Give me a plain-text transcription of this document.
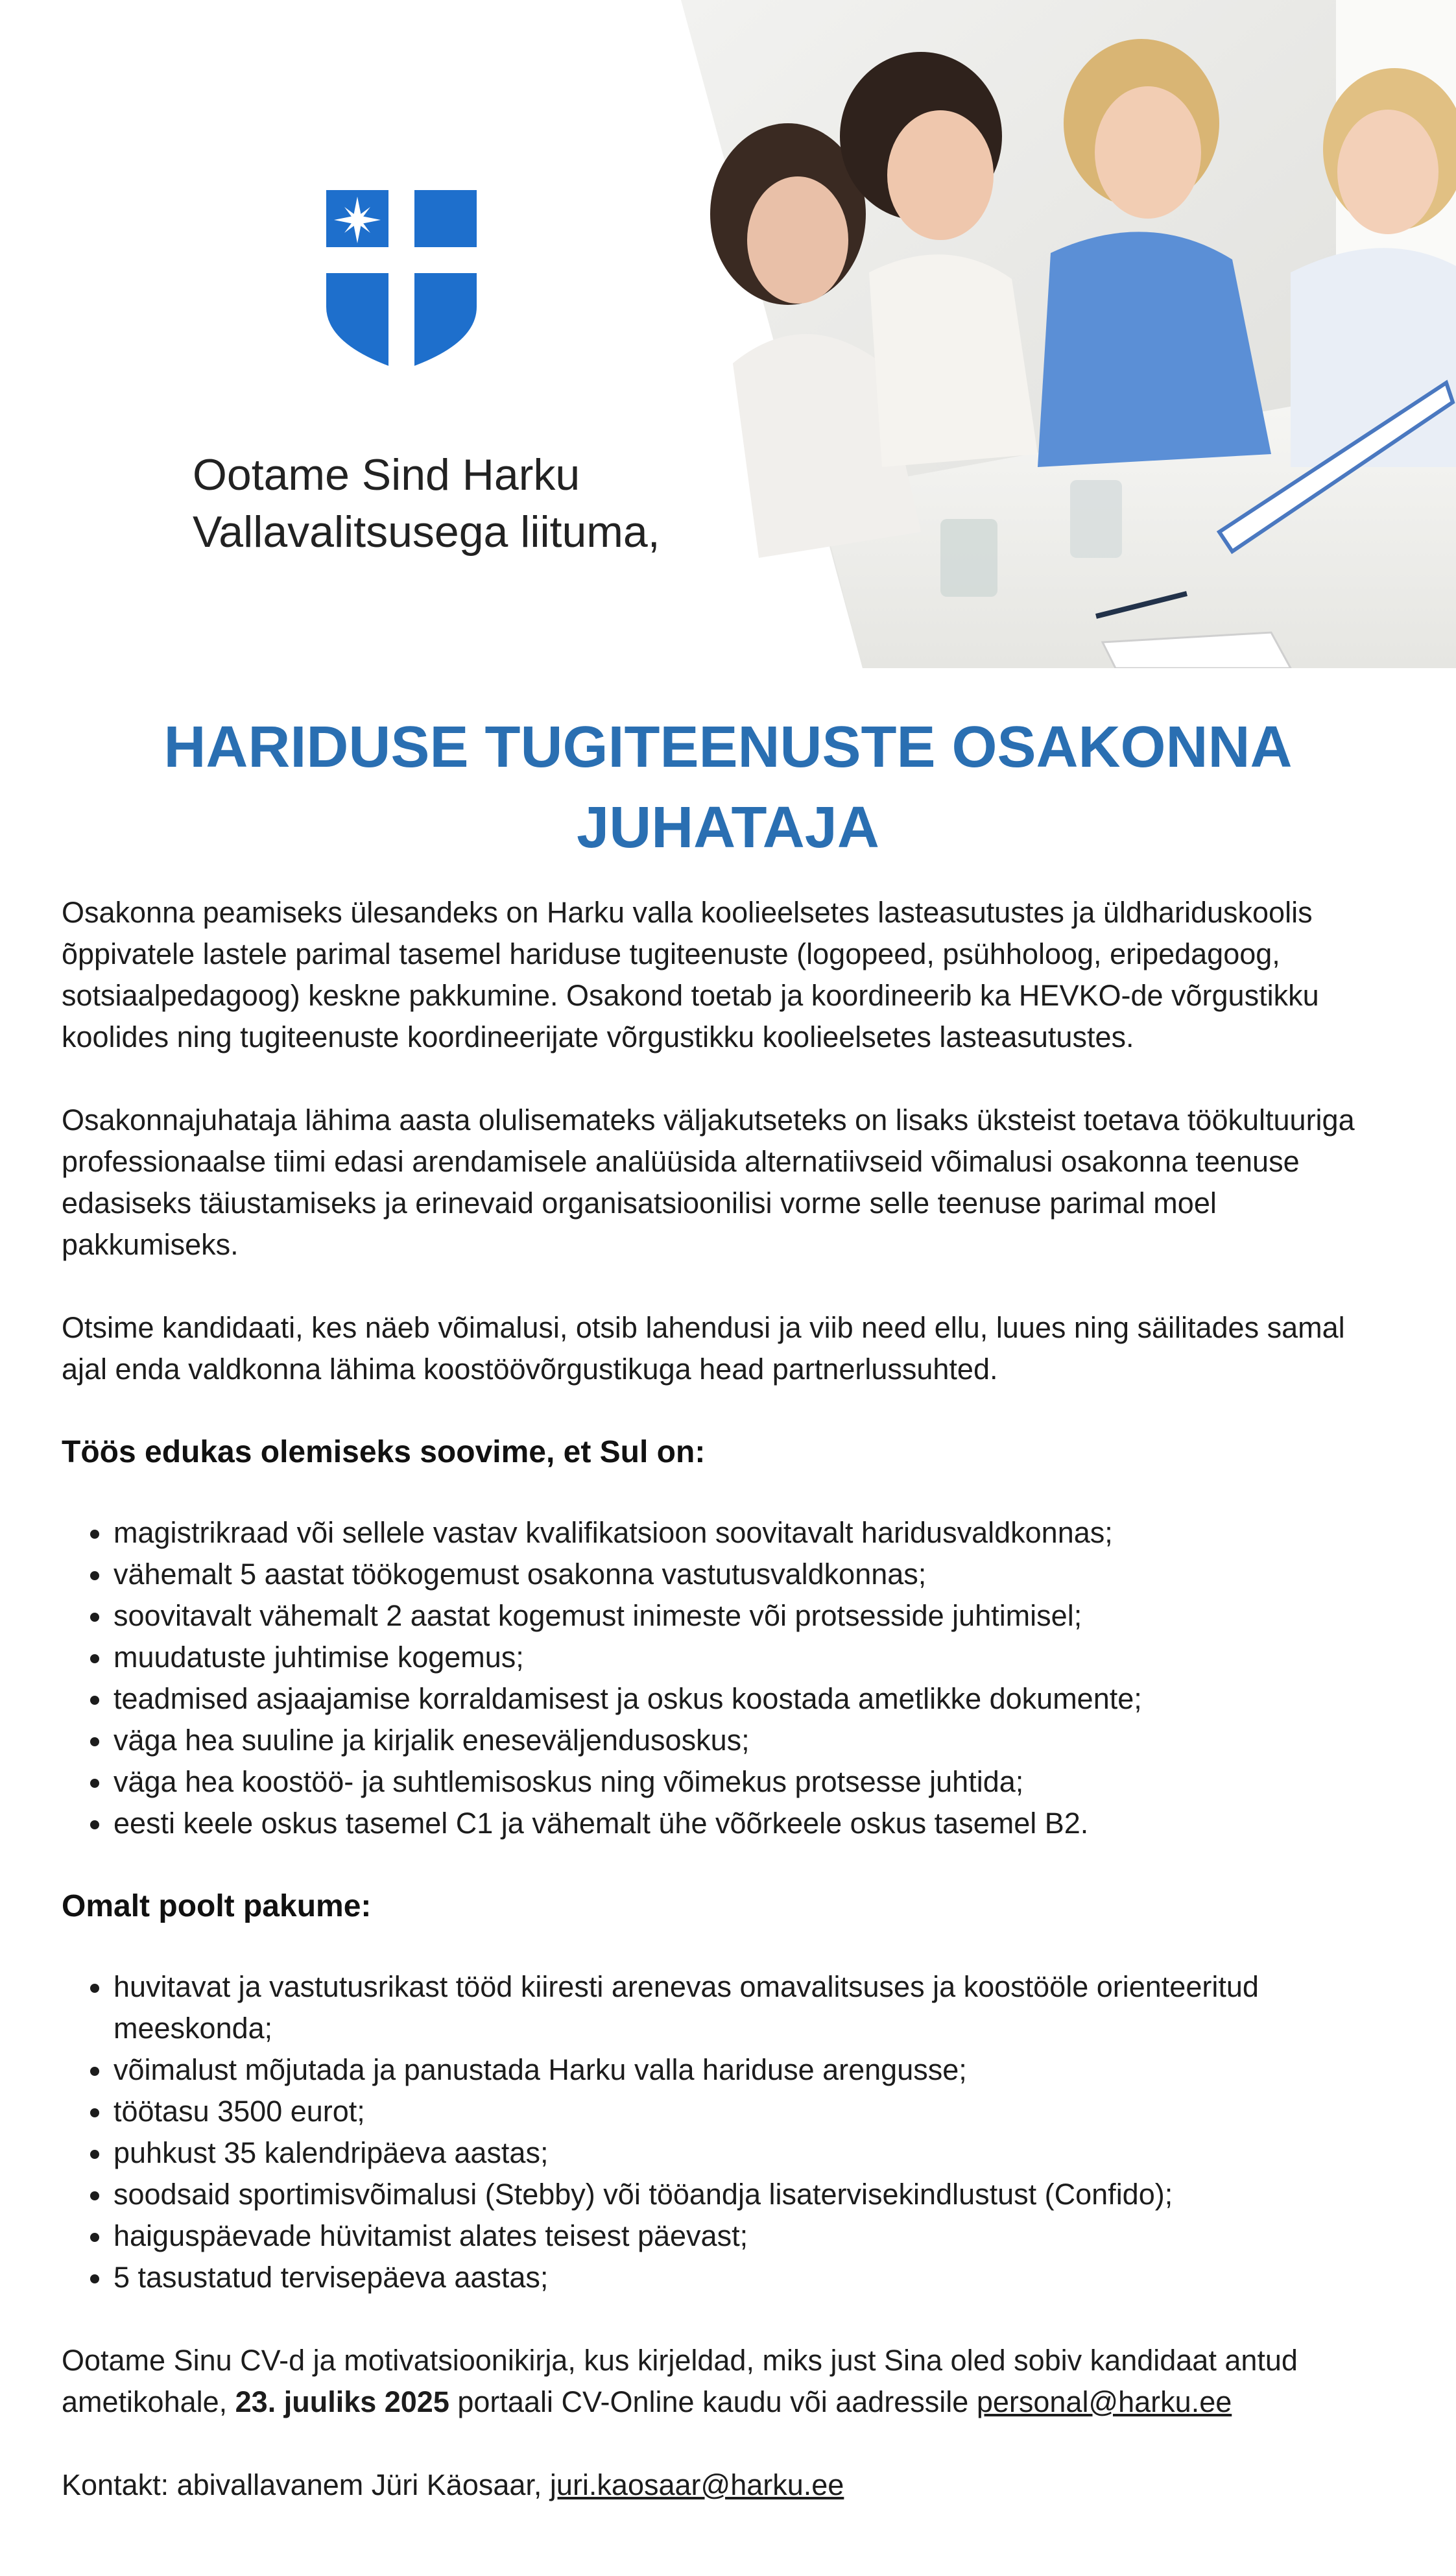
Ootame Sind Harku
Vallavalitsusega liituma,
HARIDUSE TUGITEENUSTE OSAKONNA
JUHATAJA

Osakonna peamiseks ülesandeks on Harku valla koolieelsetes lasteasutustes ja üldhariduskoolis õppivatele lastele parimal tasemel hariduse tugiteenuste (logopeed, psühholoog, eripedagoog, sotsiaalpedagoog) keskne pakkumine. Osakond toetab ja koordineerib ka HEVKO-de võrgustikku koolides ning tugiteenuste koordineerijate võrgustikku koolieelsetes lasteasutustes.

Osakonnajuhataja lähima aasta olulisemateks väljakutseteks on lisaks üksteist toetava töökultuuriga professionaalse tiimi edasi arendamisele analüüsida alternatiivseid võimalusi osakonna teenuse edasiseks täiustamiseks ja erinevaid organisatsioonilisi vorme selle teenuse parimal moel pakkumiseks.

Otsime kandidaati, kes näeb võimalusi, otsib lahendusi ja viib need ellu, luues ning säilitades samal ajal enda valdkonna lähima koostöövõrgustikuga head partnerlussuhted.

Töös edukas olemiseks soovime, et Sul on:
• magistrikraad või sellele vastav kvalifikatsioon soovitavalt haridusvaldkonnas;
• vähemalt 5 aastat töökogemust osakonna vastutusvaldkonnas;
• soovitavalt vähemalt 2 aastat kogemust inimeste või protsesside juhtimisel;
• muudatuste juhtimise kogemus;
• teadmised asjaajamise korraldamisest ja oskus koostada ametlikke dokumente;
• väga hea suuline ja kirjalik eneseväljendusoskus;
• väga hea koostöö- ja suhtlemisoskus ning võimekus protsesse juhtida;
• eesti keele oskus tasemel C1 ja vähemalt ühe võõrkeele oskus tasemel B2.
Omalt poolt pakume:
• huvitavat ja vastutusrikast tööd kiiresti arenevas omavalitsuses ja koostööle orienteeritud meeskonda;
• võimalust mõjutada ja panustada Harku valla hariduse arengusse;
• töötasu 3500 eurot;
• puhkust 35 kalendripäeva aastas;
• soodsaid sportimisvõimalusi (Stebby) või tööandja lisatervisekindlustust (Confido);
• haiguspäevade hüvitamist alates teisest päevast;
• 5 tasustatud tervisepäeva aastas;

Ootame Sinu CV-d ja motivatsioonikirja, kus kirjeldad, miks just Sina oled sobiv kandidaat antud ametikohale, 23. juuliks 2025 portaali CV-Online kaudu või aadressile personal@harku.ee

Kontakt: abivallavanem Jüri Käosaar, juri.kaosaar@harku.ee
